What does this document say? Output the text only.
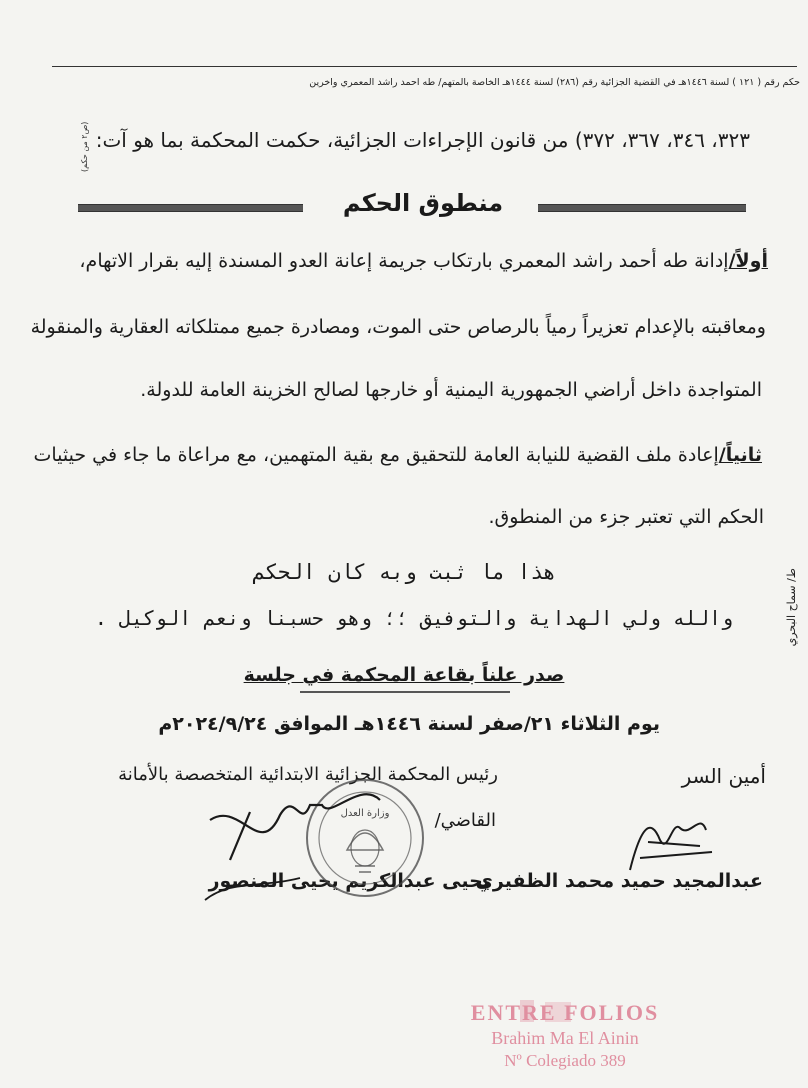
حكم رقم ( ١٢١ ) لسنة ١٤٤٦هـ في القضية الجزائية رقم (٢٨٦) لسنة ١٤٤٤هـ الخاصة بالمتهم/ طه احمد راشد المعمري واخرين
(ص٢ من حكم) ٣٢٣، ٣٤٦، ٣٦٧، ٣٧٢) من قانون الإجراءات الجزائية، حكمت المحكمة بما هو آت:
منطوق الحكم
أولاً/إدانة طه أحمد راشد المعمري بارتكاب جريمة إعانة العدو المسندة إليه بقرار الاتهام،
ومعاقبته بالإعدام تعزيراً رمياً بالرصاص حتى الموت، ومصادرة جميع ممتلكاته العقارية والمنقولة
المتواجدة داخل أراضي الجمهورية اليمنية أو خارجها لصالح الخزينة العامة للدولة.
ثانياً/إعادة ملف القضية للنيابة العامة للتحقيق مع بقية المتهمين، مع مراعاة ما جاء في حيثيات
الحكم التي تعتبر جزء من المنطوق.
هذا ما ثبت وبه كان الحكم
والله ولي الهداية والتوفيق ؛؛ وهو حسبنا ونعم الوكيل .
صدر علناً بقاعة المحكمة في جلسة
يوم الثلاثاء ٢١/صفر لسنة ١٤٤٦هـ الموافق ٢٠٢٤/٩/٢٤م
أمين السر
رئيس المحكمة الجزائية الابتدائية المتخصصة بالأمانة
القاضي/
عبدالمجيد حميد محمد الظفيري
يحيى عبدالكريم يحيى المنصور
ط/ سماح البحري
وزارة العدل
ENTRE FOLIOS
Brahim Ma El Ainin
Nº Colegiado 389
